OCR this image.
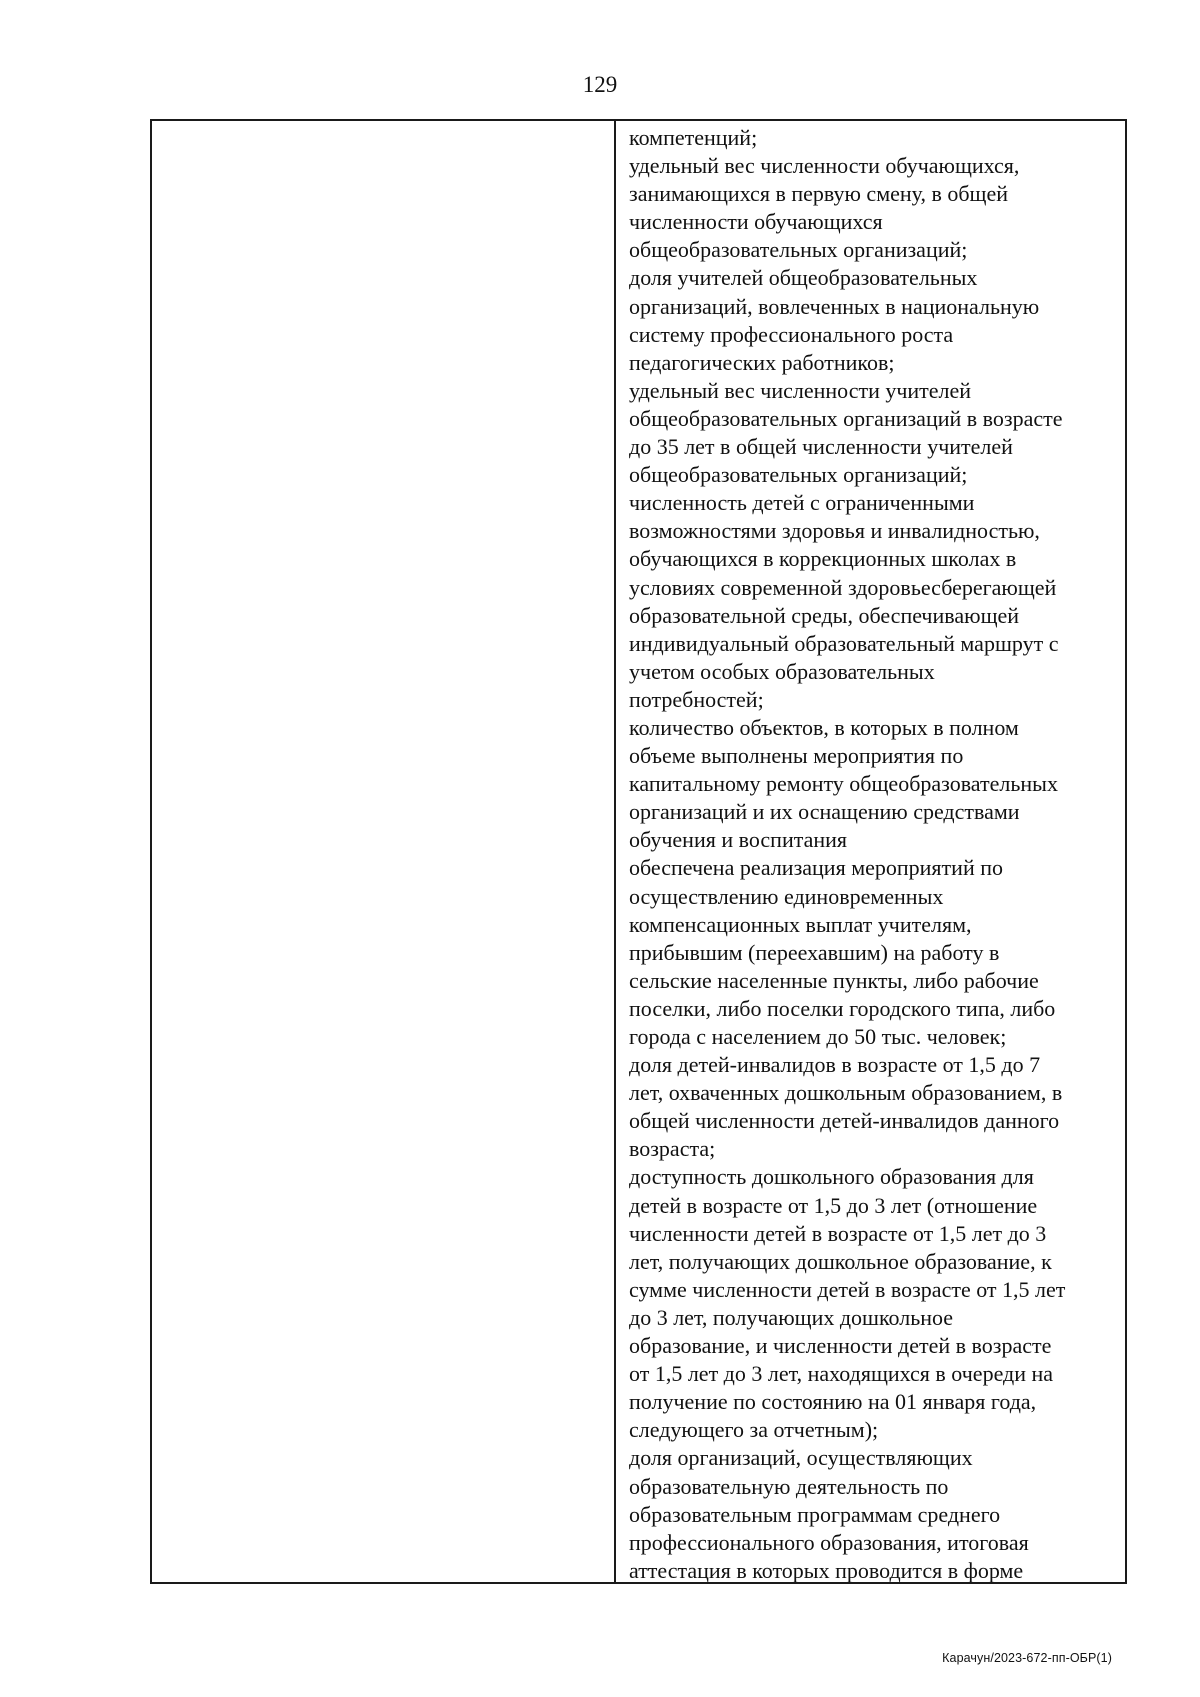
129
компетенций;
удельный вес численности обучающихся,
занимающихся в первую смену, в общей
численности обучающихся
общеобразовательных организаций;
доля учителей общеобразовательных
организаций, вовлеченных в национальную
систему профессионального роста
педагогических работников;
удельный вес численности учителей
общеобразовательных организаций в возрасте
до 35 лет в общей численности учителей
общеобразовательных организаций;
численность детей с ограниченными
возможностями здоровья и инвалидностью,
обучающихся в коррекционных школах в
условиях современной здоровьесберегающей
образовательной среды, обеспечивающей
индивидуальный образовательный маршрут с
учетом особых образовательных
потребностей;
количество объектов, в которых в полном
объеме выполнены мероприятия по
капитальному ремонту общеобразовательных
организаций и их оснащению средствами
обучения и воспитания
обеспечена реализация мероприятий по
осуществлению единовременных
компенсационных выплат учителям,
прибывшим (переехавшим) на работу в
сельские населенные пункты, либо рабочие
поселки, либо поселки городского типа, либо
города с населением до 50 тыс. человек;
доля детей-инвалидов в возрасте от 1,5 до 7
лет, охваченных дошкольным образованием, в
общей численности детей-инвалидов данного
возраста;
доступность дошкольного образования для
детей в возрасте от 1,5 до 3 лет (отношение
численности детей в возрасте от 1,5 лет до 3
лет, получающих дошкольное образование, к
сумме численности детей в возрасте от 1,5 лет
до 3 лет, получающих дошкольное
образование, и численности детей в возрасте
от 1,5 лет до 3 лет, находящихся в очереди на
получение по состоянию на 01 января года,
следующего за отчетным);
доля организаций, осуществляющих
образовательную деятельность по
образовательным программам среднего
профессионального образования, итоговая
аттестация в которых проводится в форме
Карачун/2023-672-пп-ОБР(1)
